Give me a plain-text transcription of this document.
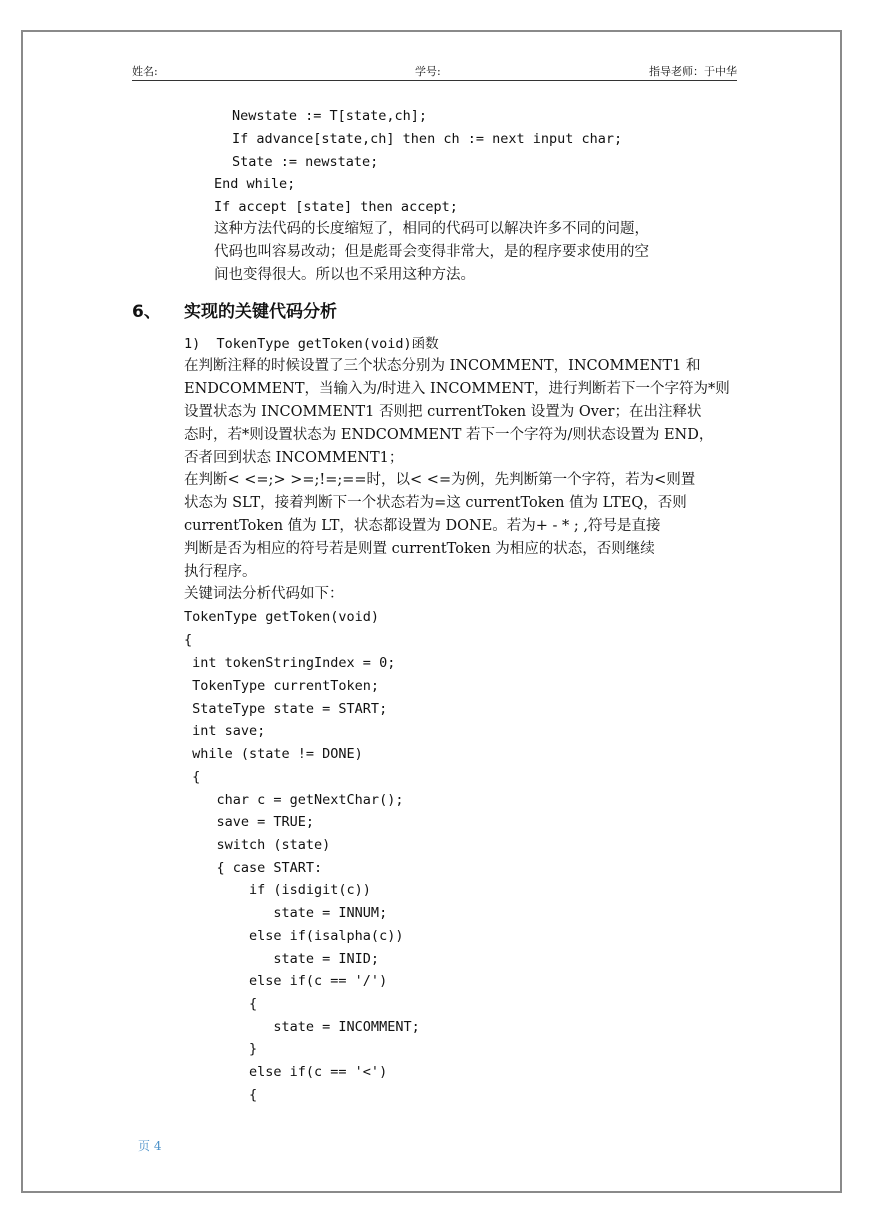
姓名:	学号:	指导老师：于中华
Newstate := T[state,ch];
If advance[state,ch] then ch := next input char;
State := newstate;
End while;
If accept [state] then accept;
这种方法代码的长度缩短了，相同的代码可以解决许多不同的问题，
代码也叫容易改动；但是彪哥会变得非常大，是的程序要求使用的空
间也变得很大。所以也不采用这种方法。
6、 实现的关键代码分析
1)  TokenType getToken(void)函数
在判断注释的时候设置了三个状态分别为 INCOMMENT，INCOMMENT1 和
ENDCOMMENT，当输入为/时进入 INCOMMENT，进行判断若下一个字符为*则
设置状态为 INCOMMENT1 否则把 currentToken 设置为 Over；在出注释状
态时，若*则设置状态为 ENDCOMMENT 若下一个字符为/则状态设置为 END，
否者回到状态 INCOMMENT1；
在判断< <=;> >=;!=;==时，以< <=为例，先判断第一个字符，若为<则置
状态为 SLT，接着判断下一个状态若为=这 currentToken 值为 LTEQ，否则
currentToken 值为 LT，状态都设置为 DONE。若为+ - * ; ,符号是直接
判断是否为相应的符号若是则置 currentToken 为相应的状态，否则继续
执行程序。
关键词法分析代码如下：
TokenType getToken(void)
{
int tokenStringIndex = 0;
TokenType currentToken;
StateType state = START;
int save;
while (state != DONE)
{
char c = getNextChar();
save = TRUE;
switch (state)
{ case START:
if (isdigit(c))
state = INNUM;
else if(isalpha(c))
state = INID;
else if(c == '/')
{
state = INCOMMENT;
}
else if(c == '<')
{
页 4
